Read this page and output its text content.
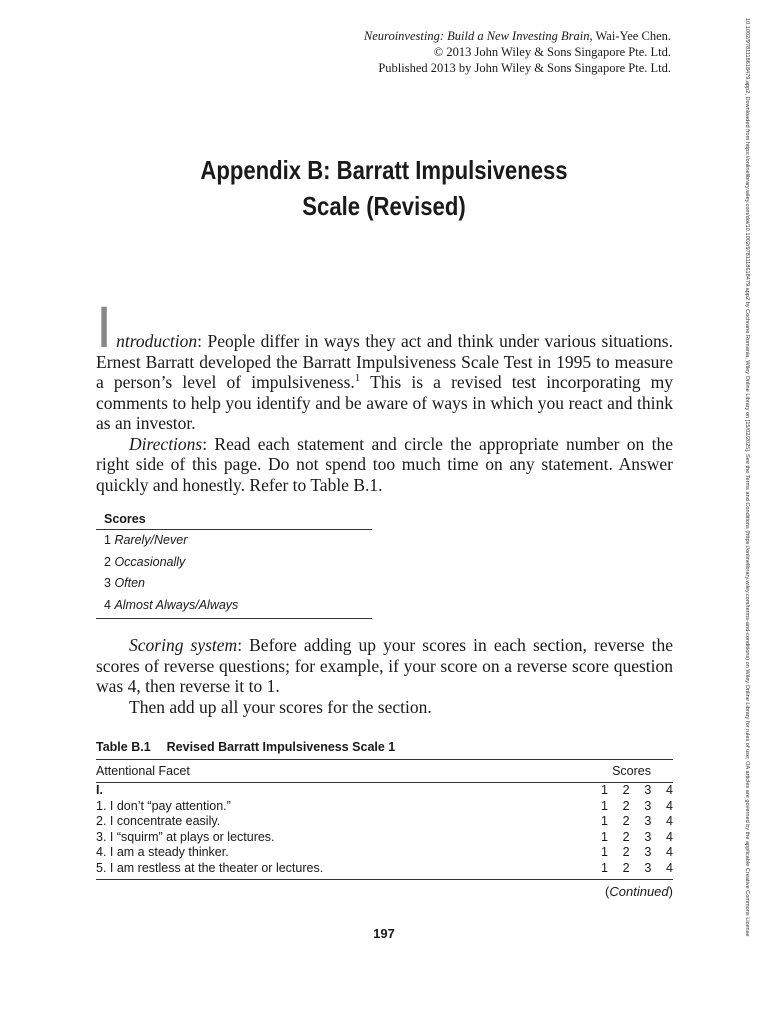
Neuroinvesting: Build a New Investing Brain, Wai-Yee Chen.
© 2013 John Wiley & Sons Singapore Pte. Ltd.
Published 2013 by John Wiley & Sons Singapore Pte. Ltd.	10.1002/9781118618479.app2, Downloaded from https://onlinelibrary.wiley.com/doi/10.1002/9781118618479.app2 by Cochrane Romania, Wiley Online Library on [15/02/2025]. See the Terms and Conditions (https://onlinelibrary.wiley.com/terms-and-conditions) on Wiley Online Library for rules of use; OA articles are governed by the applicable Creative Commons License
Appendix B: Barratt Impulsiveness
Scale (Revised)

Introduction: People differ in ways they act and think under various situations. Ernest Barratt developed the Barratt Impulsiveness Scale Test in 1995 to measure a person’s level of impulsiveness.$^1$ This is a revised test incorporating my comments to help you identify and be aware of ways in which you react and think as an investor.

Directions: Read each statement and circle the appropriate number on the right side of this page. Do not spend too much time on any statement. Answer quickly and honestly. Refer to Table B.1.

Scores
1 Rarely/Never
2 Occasionally
3 Often
4 Almost Always/Always

Scoring system: Before adding up your scores in each section, reverse the scores of reverse questions; for example, if your score on a reverse score question was 4, then reverse it to 1.

Then add up all your scores for the section.

Table B.1 Revised Barratt Impulsiveness Scale 1
Attentional Facet	Scores
I.	1 2 3 4
1. I don’t “pay attention.”	1 2 3 4
2. I concentrate easily.	1 2 3 4
3. I “squirm” at plays or lectures.	1 2 3 4
4. I am a steady thinker.	1 2 3 4
5. I am restless at the theater or lectures.	1 2 3 4
(Continued)
197
